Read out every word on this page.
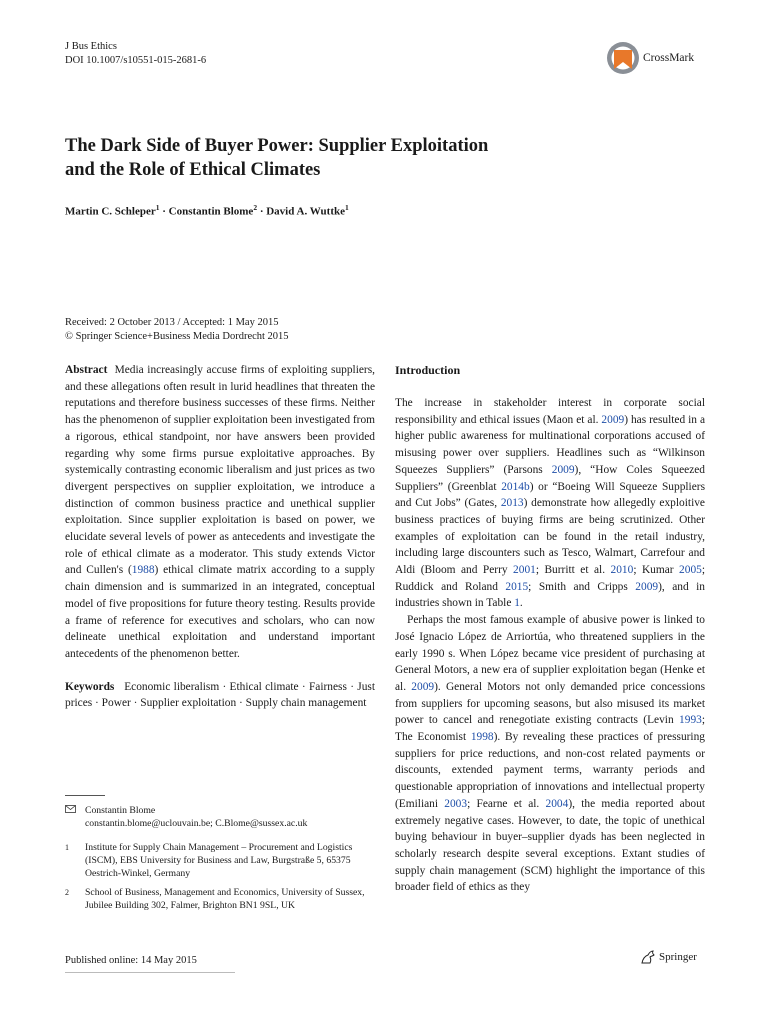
J Bus Ethics
DOI 10.1007/s10551-015-2681-6	CrossMark
The Dark Side of Buyer Power: Supplier Exploitation
and the Role of Ethical Climates
Martin C. Schleper$^1$ · Constantin Blome$^2$ · David A. Wuttke$^1$
Received: 2 October 2013 / Accepted: 1 May 2015
© Springer Science+Business Media Dordrecht 2015

Abstract Media increasingly accuse firms of exploiting suppliers, and these allegations often result in lurid headlines that threaten the reputations and therefore business successes of these firms. Neither has the phenomenon of supplier exploitation been investigated from a rigorous, ethical standpoint, nor have answers been provided regarding why some firms pursue exploitative approaches. By systemically contrasting economic liberalism and just prices as two divergent perspectives on supplier exploitation, we introduce a distinction of common business practice and unethical supplier exploitation. Since supplier exploitation is based on power, we elucidate several levels of power as antecedents and investigate the role of ethical climate as a moderator. This study extends Victor and Cullen's (1988) ethical climate matrix according to a supply chain dimension and is summarized in an integrated, conceptual model of five propositions for future theory testing. Results provide a frame of reference for executives and scholars, who can now delineate unethical exploitation and understand important antecedents of the phenomenon better.

Keywords Economic liberalism · Ethical climate · Fairness · Just prices · Power · Supplier exploitation · Supply chain management

Constantin Blome
constantin.blome@uclouvain.be; C.Blome@sussex.ac.uk
1	Institute for Supply Chain Management – Procurement and Logistics (ISCM), EBS University for Business and Law, Burgstraße 5, 65375 Oestrich-Winkel, Germany
2	School of Business, Management and Economics, University of Sussex, Jubilee Building 302, Falmer, Brighton BN1 9SL, UK
Introduction

The increase in stakeholder interest in corporate social responsibility and ethical issues (Maon et al. 2009) has resulted in a higher public awareness for multinational corporations accused of misusing power over suppliers. Headlines such as “Wilkinson Squeezes Suppliers” (Parsons 2009), “How Coles Squeezed Suppliers” (Greenblat 2014b) or “Boeing Will Squeeze Suppliers and Cut Jobs” (Gates, 2013) demonstrate how allegedly exploitive business practices of buying firms are being scrutinized. Other examples of exploitation can be found in the retail industry, including large discounters such as Tesco, Walmart, Carrefour and Aldi (Bloom and Perry 2001; Burritt et al. 2010; Kumar 2005; Ruddick and Roland 2015; Smith and Cripps 2009), and in industries shown in Table 1.

Perhaps the most famous example of abusive power is linked to José Ignacio López de Arriortúa, who threatened suppliers in the early 1990 s. When López became vice president of purchasing at General Motors, a new era of supplier exploitation began (Henke et al. 2009). General Motors not only demanded price concessions from suppliers for upcoming seasons, but also misused its market power to cancel and renegotiate existing contracts (Levin 1993; The Economist 1998). By revealing these practices of pressuring suppliers for price reductions, and non-cost related payments or discounts, extended payment terms, warranty periods and questionable appropriation of innovations and intellectual property (Emiliani 2003; Fearne et al. 2004), the media reported about extremely negative cases. However, to date, the topic of unethical buying behaviour in buyer–supplier dyads has been neglected in scholarly research despite several exceptions. Extant studies of supply chain management (SCM) highlight the importance of this broader field of ethics as they

Published online: 14 May 2015	Springer
